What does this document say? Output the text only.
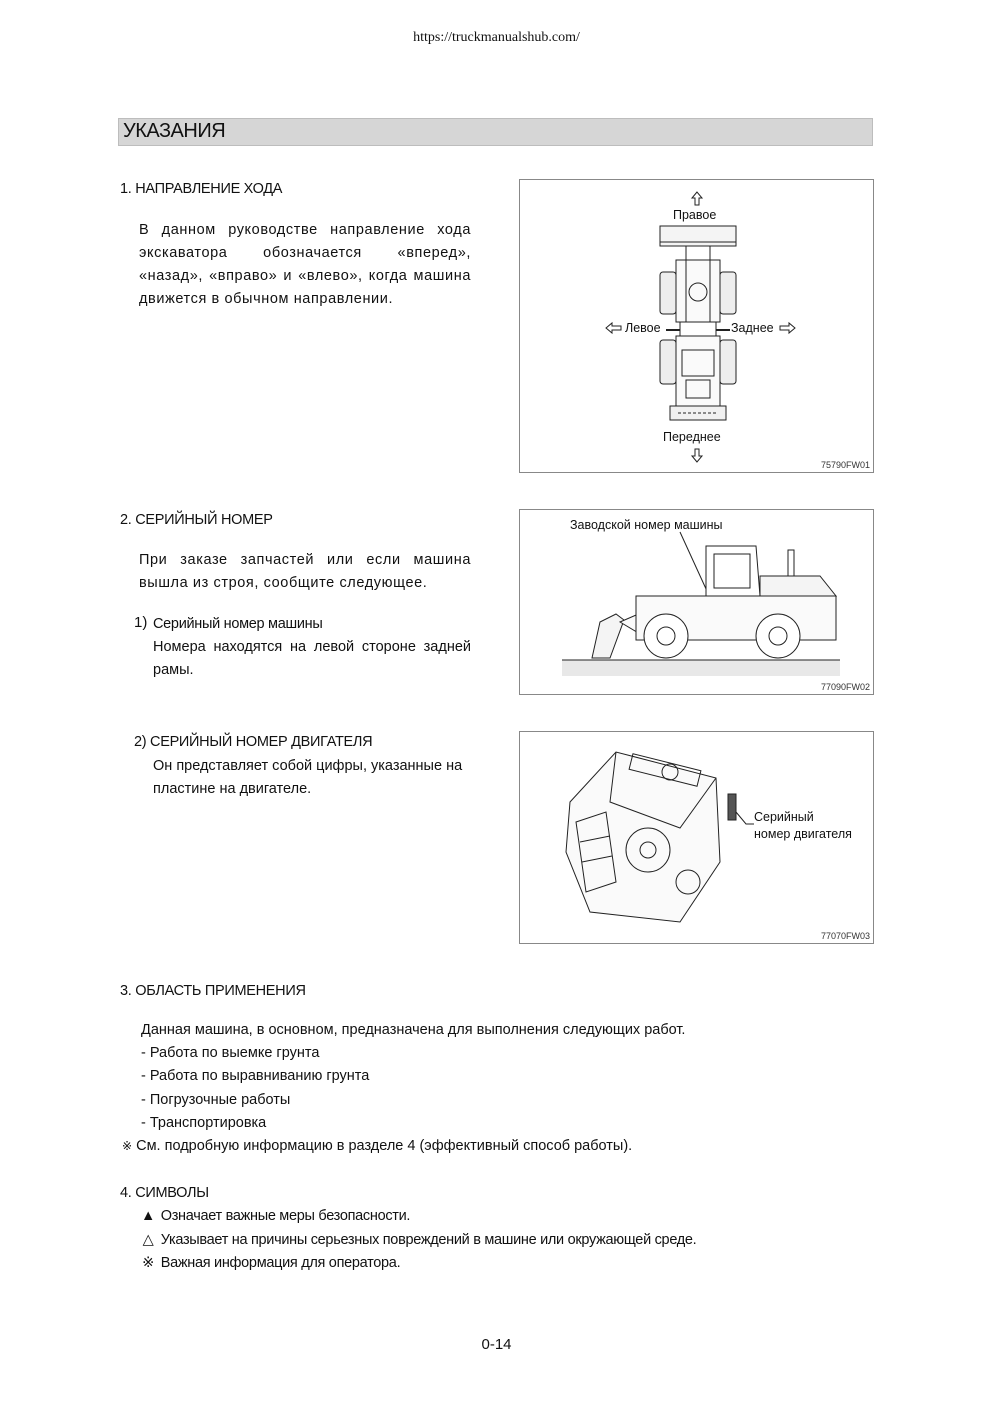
https://truckmanualshub.com/
УКАЗАНИЯ
1. НАПРАВЛЕНИЕ ХОДА
В данном руководстве направление хода экскаватора обозначается «вперед», «назад», «вправо» и «влево», когда машина движется в обычном направлении.
Правое
Левое	Заднее
Переднее
75790FW01
2. СЕРИЙНЫЙ НОМЕР
При заказе запчастей или если машина вышла из строя, сообщите следующее.
1) Серийный номер машины
Номера находятся на левой стороне задней рамы.
2) СЕРИЙНЫЙ НОМЕР ДВИГАТЕЛЯ
Он представляет собой цифры, указанные на пластине на двигателе.
Заводской номер машины
77090FW02
Серийный
номер двигателя
77070FW03
3. ОБЛАСТЬ ПРИМЕНЕНИЯ
Данная машина, в основном, предназначена для выполнения следующих работ.
- Работа по выемке грунта
- Работа по выравниванию грунта
- Погрузочные работы
- Транспортировка
※ См. подробную информацию в разделе 4 (эффективный способ работы).
4. СИМВОЛЫ
▲ Означает важные меры безопасности.
△ Указывает на причины серьезных повреждений в машине или окружающей среде.
※ Важная информация для оператора.
0-14
